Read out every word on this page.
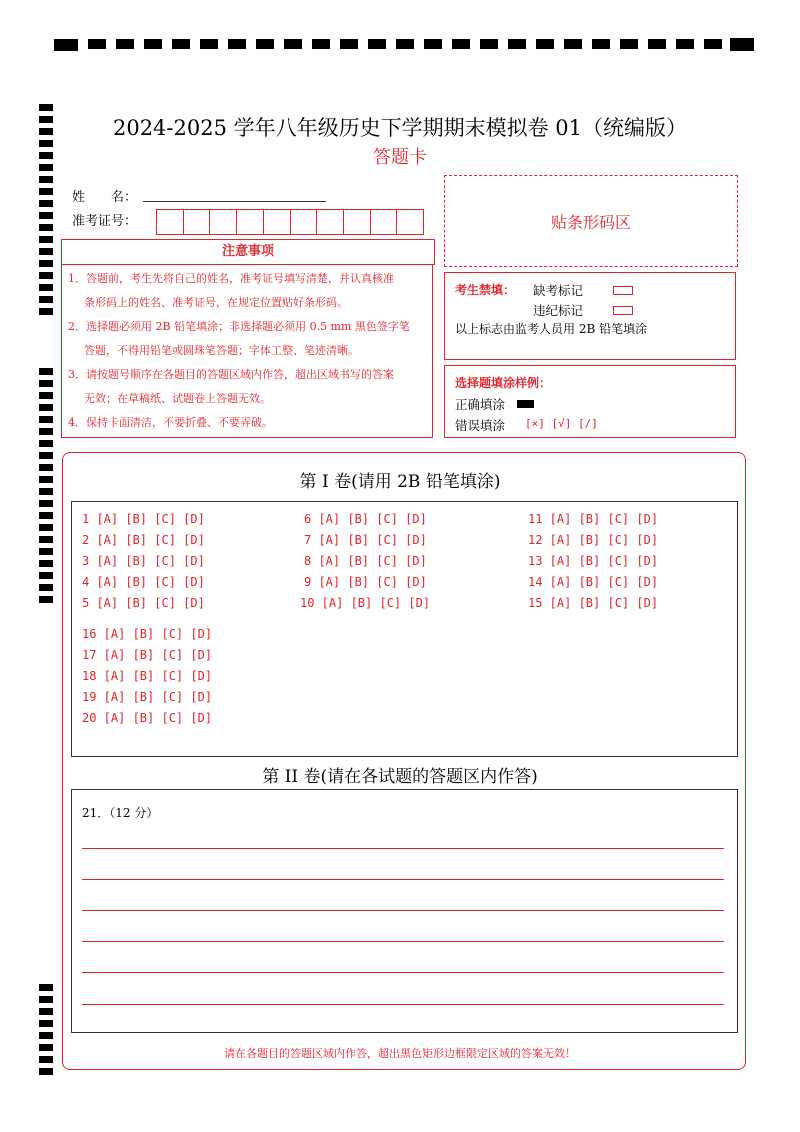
2024-2025 学年八年级历史下学期期末模拟卷 01（统编版）
答题卡
姓　　名：
准考证号：	贴条形码区
注意事项

1．答题前，考生先将自己的姓名，准考证号填写清楚，并认真核准

条形码上的姓名、准考证号，在规定位置贴好条形码。

2．选择题必须用 2B 铅笔填涂；非选择题必须用 0.5 mm 黑色签字笔

答题，不得用铅笔或圆珠笔答题；字体工整、笔迹清晰。

3．请按题号顺序在各题目的答题区域内作答，超出区域书写的答案

无效；在草稿纸、试题卷上答题无效。

4．保持卡面清洁，不要折叠、不要弄破。

考生禁填： 缺考标记
违纪标记
以上标志由监考人员用 2B 铅笔填涂
选择题填涂样例：
正确填涂
错误填涂 [×] [√] [/]
第 I 卷(请用 2B 铅笔填涂)
1 [A] [B] [C] [D]
2 [A] [B] [C] [D]
3 [A] [B] [C] [D]
4 [A] [B] [C] [D]
5 [A] [B] [C] [D]
6 [A] [B] [C] [D]
7 [A] [B] [C] [D]
8 [A] [B] [C] [D]
9 [A] [B] [C] [D]
10 [A] [B] [C] [D]
11 [A] [B] [C] [D]
12 [A] [B] [C] [D]
13 [A] [B] [C] [D]
14 [A] [B] [C] [D]
15 [A] [B] [C] [D]
16 [A] [B] [C] [D]
17 [A] [B] [C] [D]
18 [A] [B] [C] [D]
19 [A] [B] [C] [D]
20 [A] [B] [C] [D]
第 II 卷(请在各试题的答题区内作答)
21．（12 分）
请在各题目的答题区域内作答，超出黑色矩形边框限定区域的答案无效！
